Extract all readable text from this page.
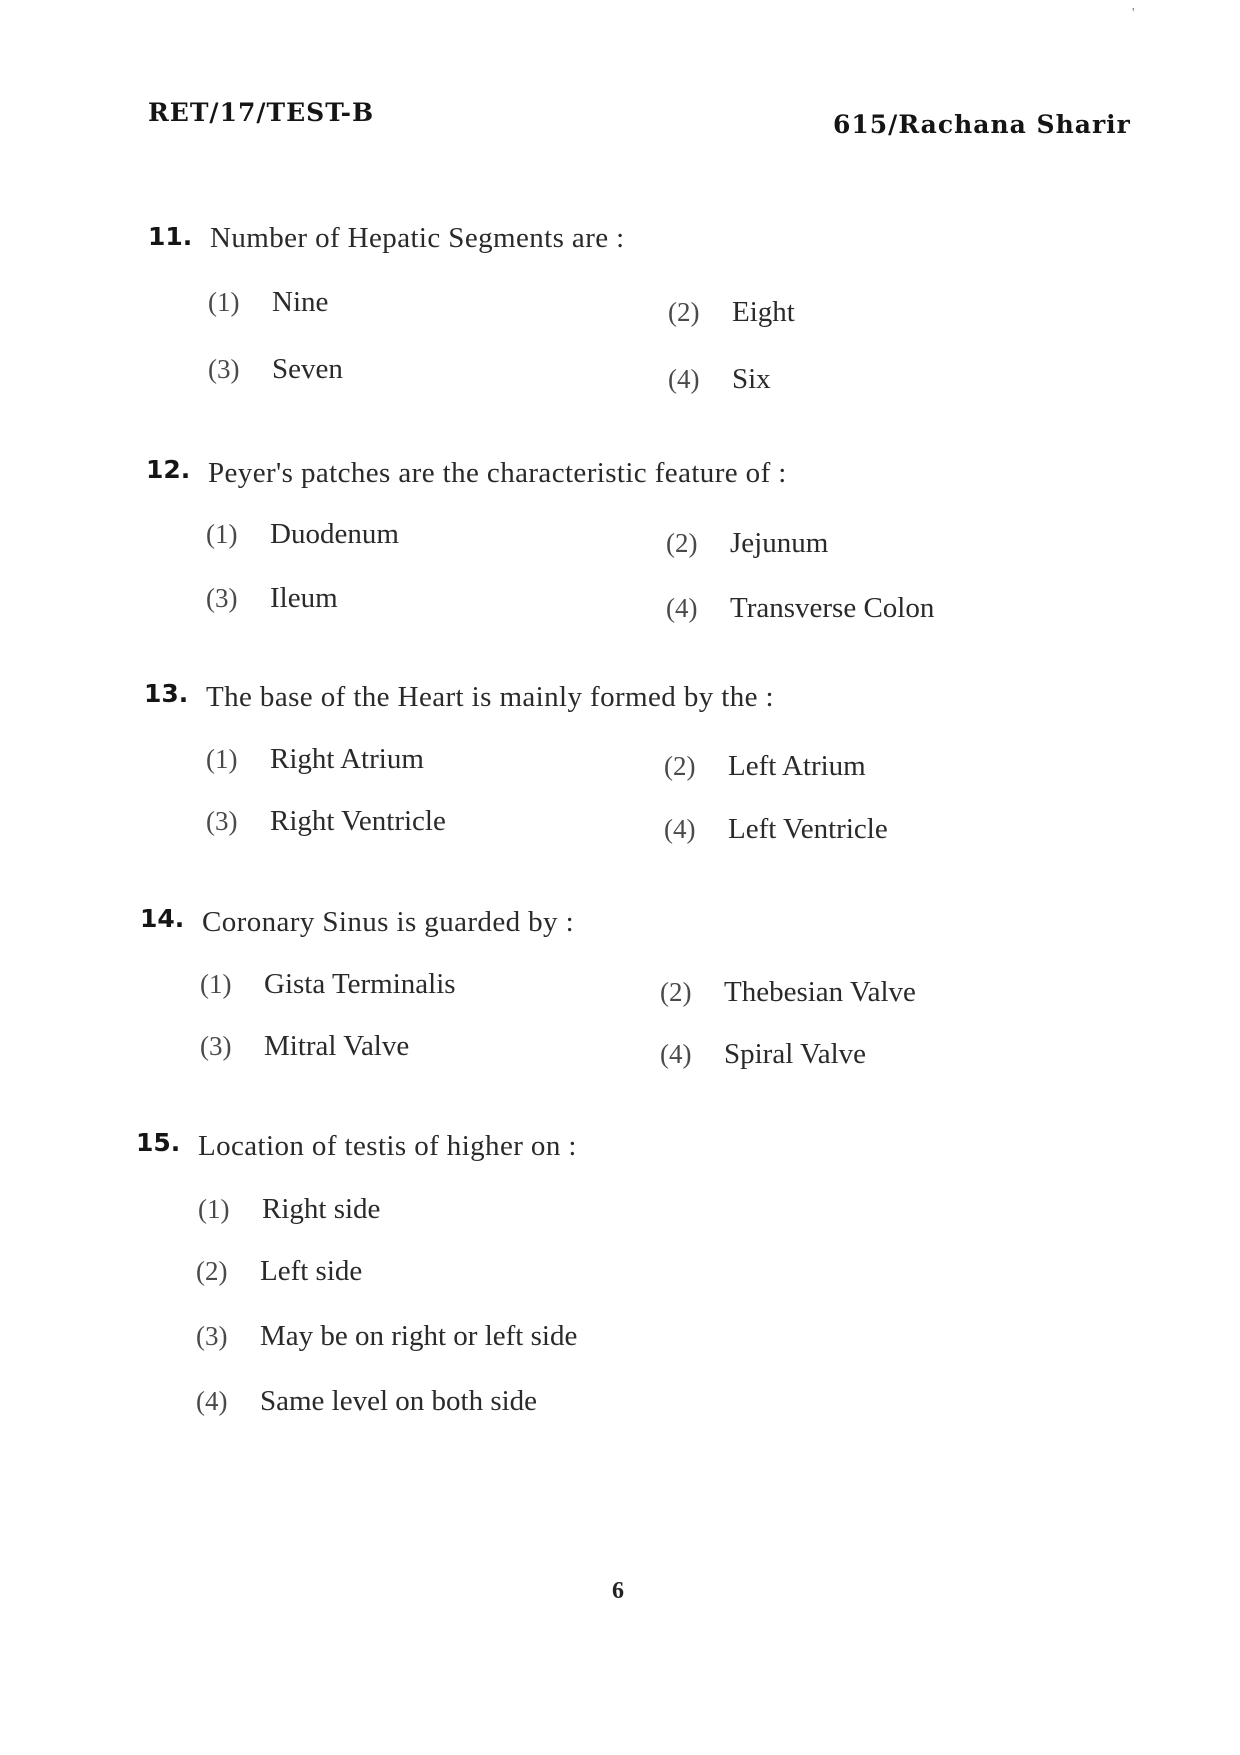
'
RET/17/TEST-B	615/Rachana Sharir
11. Number of Hepatic Segments are :
(1) Nine	(2) Eight
(3) Seven	(4) Six
12. Peyer's patches are the characteristic feature of :
(1) Duodenum	(2) Jejunum
(3) Ileum	(4) Transverse Colon
13. The base of the Heart is mainly formed by the :
(1) Right Atrium	(2) Left Atrium
(3) Right Ventricle	(4) Left Ventricle
14. Coronary Sinus is guarded by :
(1) Gista Terminalis	(2) Thebesian Valve
(3) Mitral Valve	(4) Spiral Valve
15. Location of testis of higher on :
(1) Right side
(2) Left side
(3) May be on right or left side
(4) Same level on both side
6
